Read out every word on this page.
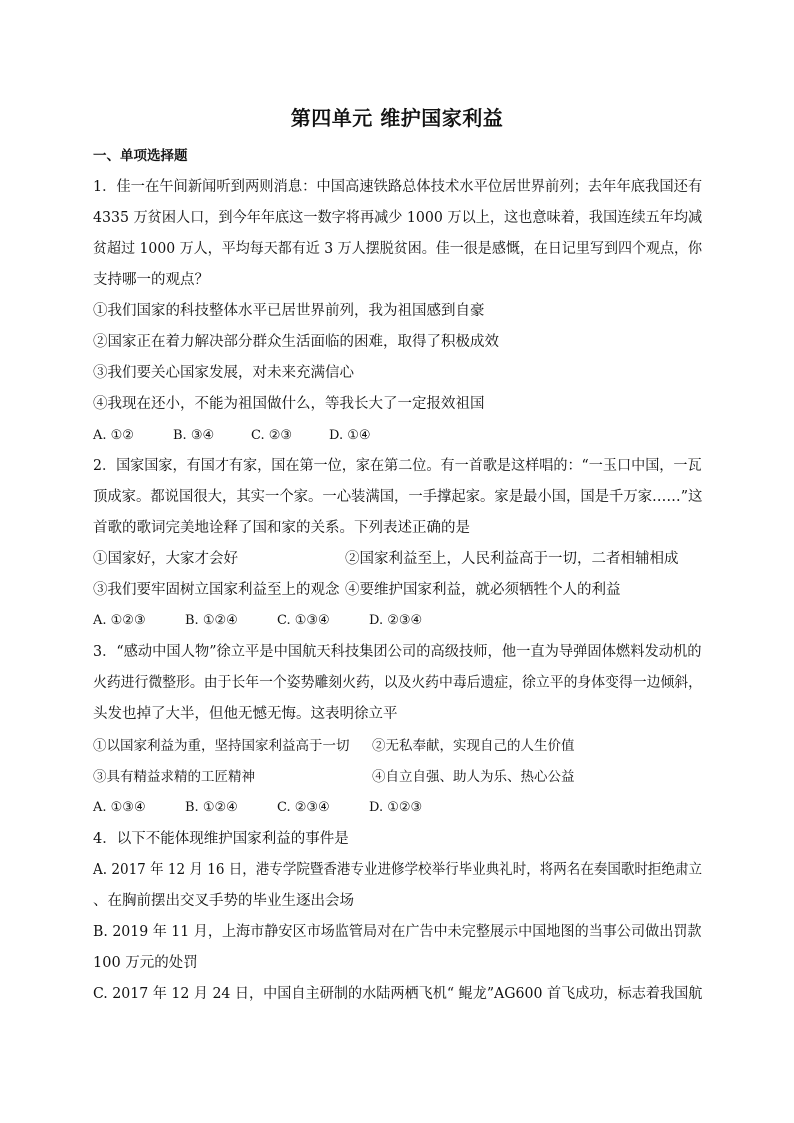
第四单元 维护国家利益
一、单项选择题
1．佳一在午间新闻听到两则消息：中国高速铁路总体技术水平位居世界前列；去年年底我国还有
4335 万贫困人口，到今年年底这一数字将再减少 1000 万以上，这也意味着，我国连续五年均减
贫超过 1000 万人，平均每天都有近 3 万人摆脱贫困。佳一很是感慨，在日记里写到四个观点，你
支持哪一的观点？
①我们国家的科技整体水平已居世界前列，我为祖国感到自豪
②国家正在着力解决部分群众生活面临的困难，取得了积极成效
③我们要关心国家发展，对未来充满信心
④我现在还小，不能为祖国做什么，等我长大了一定报效祖国
A. ①②	B. ③④	C. ②③	D. ①④
2．国家国家，有国才有家，国在第一位，家在第二位。有一首歌是这样唱的：“一玉口中国，一瓦
顶成家。都说国很大，其实一个家。一心装满国，一手撑起家。家是最小国，国是千万家……”这
首歌的歌词完美地诠释了国和家的关系。下列表述正确的是
①国家好，大家才会好	②国家利益至上，人民利益高于一切，二者相辅相成
③我们要牢固树立国家利益至上的观念 ④要维护国家利益，就必须牺牲个人的利益
A. ①②③	B. ①②④	C. ①③④	D. ②③④
3．“感动中国人物”徐立平是中国航天科技集团公司的高级技师，他一直为导弹固体燃料发动机的
火药进行微整形。由于长年一个姿势雕刻火药，以及火药中毒后遗症，徐立平的身体变得一边倾斜，
头发也掉了大半，但他无憾无悔。这表明徐立平
①以国家利益为重，坚持国家利益高于一切 ②无私奉献，实现自己的人生价值
③具有精益求精的工匠精神	④自立自强、助人为乐、热心公益
A. ①③④	B. ①②④	C. ②③④	D. ①②③
4．以下不能体现维护国家利益的事件是
A. 2017 年 12 月 16 日，港专学院暨香港专业进修学校举行毕业典礼时，将两名在奏国歌时拒绝肃立
、在胸前摆出交叉手势的毕业生逐出会场
B. 2019 年 11 月，上海市静安区市场监管局对在广告中未完整展示中国地图的当事公司做出罚款
100 万元的处罚
C. 2017 年 12 月 24 日，中国自主研制的水陆两栖飞机“ 鲲龙”AG600 首飞成功，标志着我国航
